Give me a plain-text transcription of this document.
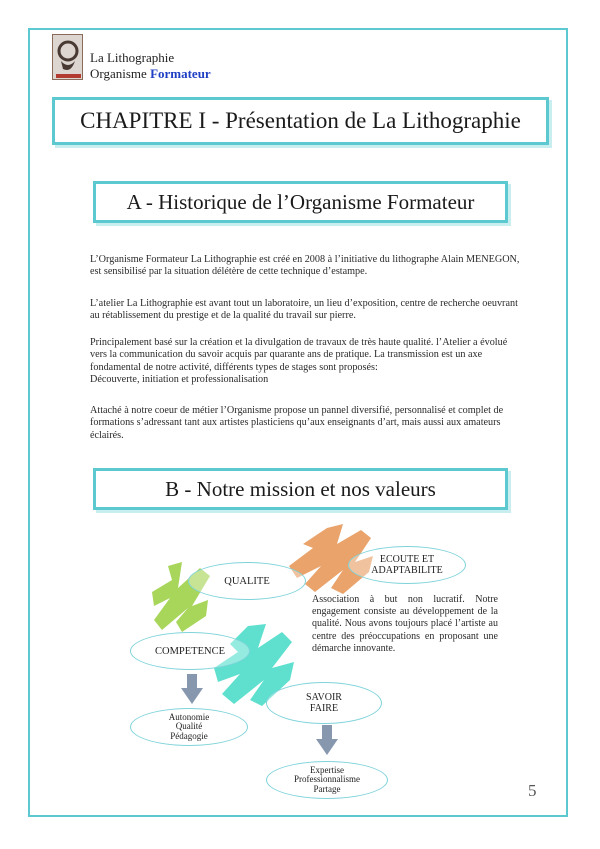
La Lithographie
Organisme Formateur
CHAPITRE I - Présentation de La Lithographie
A - Historique de l’Organisme Formateur
L’Organisme Formateur La Lithographie est créé en 2008 à l’initiative du lithographe Alain MENEGON, est sensibilisé par la situation délétère de cette technique d’estampe.
L’atelier La Lithographie est avant tout un laboratoire, un lieu d’exposition, centre de recherche oeuvrant au rétablissement du prestige et de la qualité du travail sur pierre.
Principalement basé sur la création et la divulgation de travaux de très haute qualité. l’Atelier a évolué vers la communication du savoir acquis par quarante ans de pratique. La transmission est un axe fondamental de notre activité, différents types de stages sont proposés:
Découverte, initiation et professionalisation
Attaché à notre coeur de métier l’Organisme propose un pannel diversifié, personnalisé et complet de formations s’adressant tant aux artistes plasticiens qu’aux enseignants d’art, mais aussi aux amateurs éclairés.
B - Notre mission et nos valeurs
QUALITE
ECOUTE ET
ADAPTABILITE
Association à but non lucratif. Notre engagement consiste au développement de la qualité. Nous avons toujours placé l’artiste au centre des préoccupations en proposant une démarche innovante.
COMPETENCE
SAVOIR
FAIRE
Autonomie
Qualité
Pédagogie
Expertise
Professionnalisme
Partage	5
